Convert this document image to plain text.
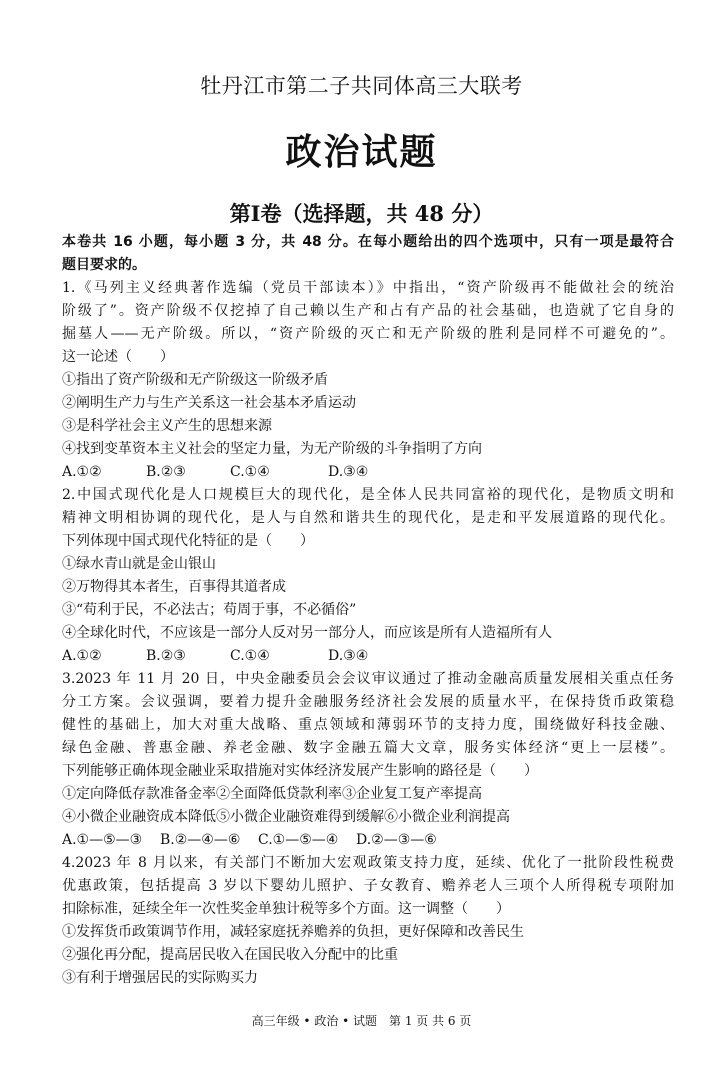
牡丹江市第二子共同体高三大联考
政治试题
第Ⅰ卷（选择题，共 48 分）
本卷共 16 小题，每小题 3 分，共 48 分。在每小题给出的四个选项中，只有一项是最符合
题目要求的。
1.《马列主义经典著作选编（党员干部读本）》中指出，“资产阶级再不能做社会的统治
阶级了”。资产阶级不仅挖掉了自己赖以生产和占有产品的社会基础，也造就了它自身的
掘墓人——无产阶级。所以，“资产阶级的灭亡和无产阶级的胜利是同样不可避免的”。
这一论述（　　）
①指出了资产阶级和无产阶级这一阶级矛盾
②阐明生产力与生产关系这一社会基本矛盾运动
③是科学社会主义产生的思想来源
④找到变革资本主义社会的坚定力量，为无产阶级的斗争指明了方向
A.①②	B.②③	C.①④	D.③④
2.中国式现代化是人口规模巨大的现代化，是全体人民共同富裕的现代化，是物质文明和
精神文明相协调的现代化，是人与自然和谐共生的现代化，是走和平发展道路的现代化。
下列体现中国式现代化特征的是（　　）
①绿水青山就是金山银山
②万物得其本者生，百事得其道者成
③“苟利于民，不必法古；苟周于事，不必循俗”
④全球化时代，不应该是一部分人反对另一部分人，而应该是所有人造福所有人
A.①②	B.②③	C.①④	D.③④
3.2023 年 11 月 20 日，中央金融委员会会议审议通过了推动金融高质量发展相关重点任务
分工方案。会议强调，要着力提升金融服务经济社会发展的质量水平，在保持货币政策稳
健性的基础上，加大对重大战略、重点领域和薄弱环节的支持力度，围绕做好科技金融、
绿色金融、普惠金融、养老金融、数字金融五篇大文章，服务实体经济“更上一层楼”。
下列能够正确体现金融业采取措施对实体经济发展产生影响的路径是（　　）
①定向降低存款准备金率②全面降低贷款利率③企业复工复产率提高
④小微企业融资成本降低⑤小微企业融资难得到缓解⑥小微企业利润提高
A.①—⑤—③	B.②—④—⑥	C.①—⑤—④	D.②—③—⑥
4.2023 年 8 月以来，有关部门不断加大宏观政策支持力度，延续、优化了一批阶段性税费
优惠政策，包括提高 3 岁以下婴幼儿照护、子女教育、赡养老人三项个人所得税专项附加
扣除标准，延续全年一次性奖金单独计税等多个方面。这一调整（　　）
①发挥货币政策调节作用，减轻家庭抚养赡养的负担，更好保障和改善民生
②强化再分配，提高居民收入在国民收入分配中的比重
③有利于增强居民的实际购买力
高三年级 • 政治 • 试题　第 1 页 共 6 页
